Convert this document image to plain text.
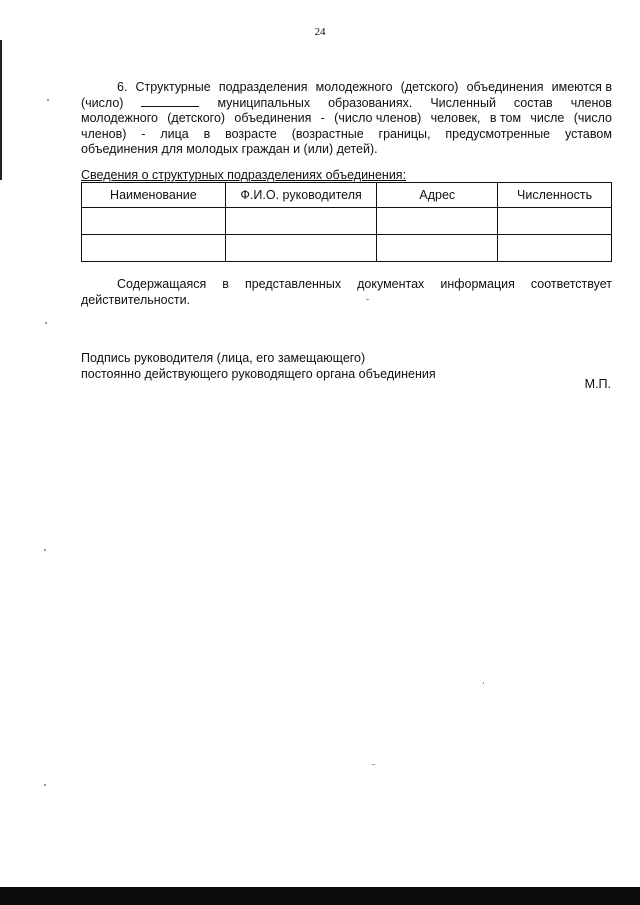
24
6. Структурные подразделения молодежного (детского) объединения имеются в
(число)	муниципальных образованиях. Численный состав членов
молодежного (детского) объединения - (число членов) человек, в том числе (число
членов) - лица в возрасте (возрастные границы, предусмотренные уставом
объединения для молодых граждан и (или) детей).
Сведения о структурных подразделениях объединения:
Наименование	Ф.И.О. руководителя	Адрес	Численность

Содержащаяся в представленных документах информация соответствует
действительности.
Подпись руководителя (лица, его замещающего)
постоянно действующего руководящего органа объединения
М.П.
